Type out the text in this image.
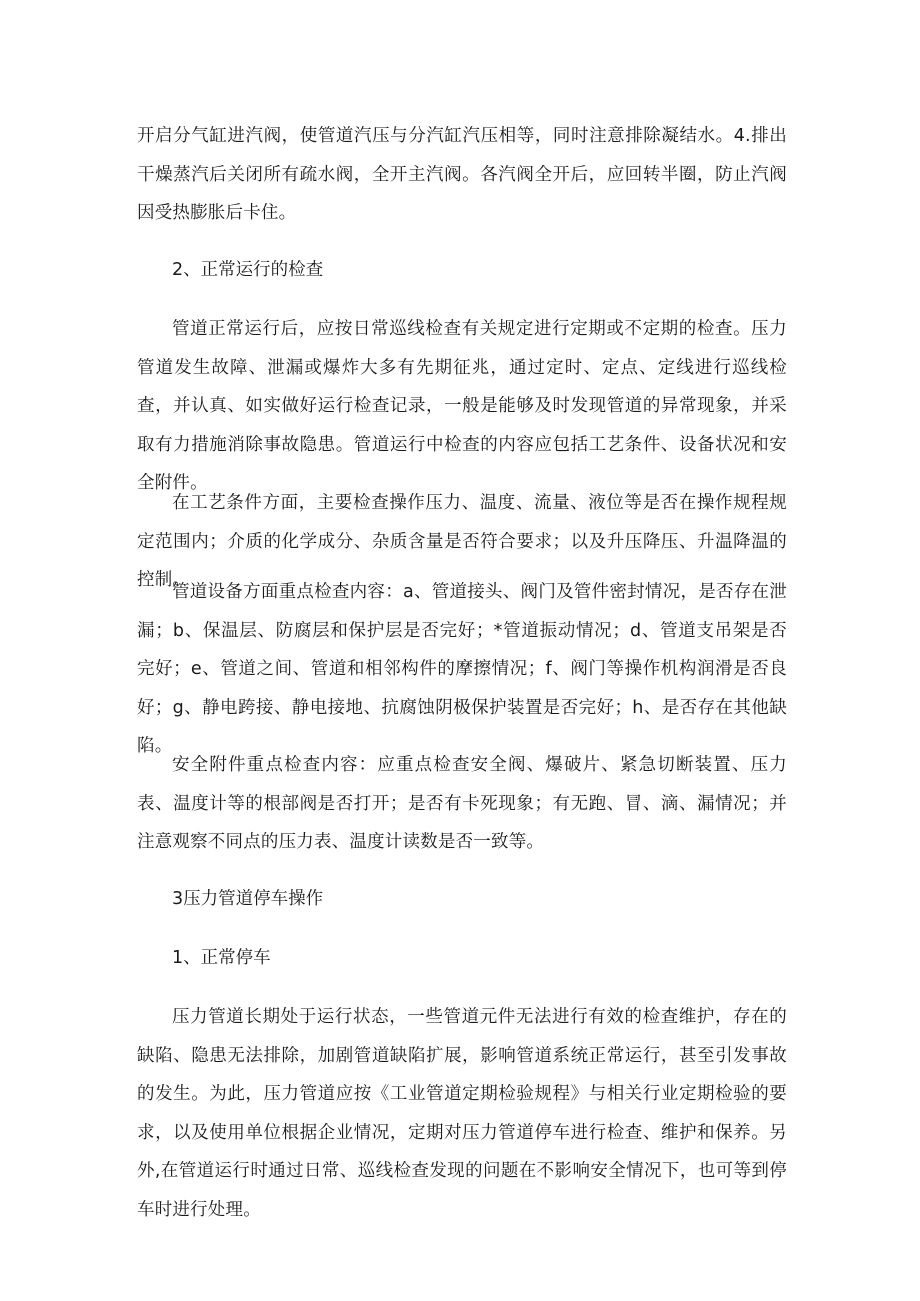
开启分气缸进汽阀，使管道汽压与分汽缸汽压相等，同时注意排除凝结水。4.排出干燥蒸汽后关闭所有疏水阀，全开主汽阀。各汽阀全开后，应回转半圈，防止汽阀因受热膨胀后卡住。

2、正常运行的检查

管道正常运行后，应按日常巡线检查有关规定进行定期或不定期的检查。压力管道发生故障、泄漏或爆炸大多有先期征兆，通过定时、定点、定线进行巡线检查，并认真、如实做好运行检查记录，一般是能够及时发现管道的异常现象，并采取有力措施消除事故隐患。管道运行中检查的内容应包括工艺条件、设备状况和安全附件。

在工艺条件方面，主要检查操作压力、温度、流量、液位等是否在操作规程规定范围内；介质的化学成分、杂质含量是否符合要求；以及升压降压、升温降温的控制。

管道设备方面重点检查内容：a、管道接头、阀门及管件密封情况，是否存在泄漏；b、保温层、防腐层和保护层是否完好；*管道振动情况；d、管道支吊架是否完好；e、管道之间、管道和相邻构件的摩擦情况；f、阀门等操作机构润滑是否良好；g、静电跨接、静电接地、抗腐蚀阴极保护装置是否完好；h、是否存在其他缺陷。

安全附件重点检查内容：应重点检查安全阀、爆破片、紧急切断装置、压力表、温度计等的根部阀是否打开；是否有卡死现象；有无跑、冒、滴、漏情况；并注意观察不同点的压力表、温度计读数是否一致等。

3压力管道停车操作

1、正常停车

压力管道长期处于运行状态，一些管道元件无法进行有效的检查维护，存在的缺陷、隐患无法排除，加剧管道缺陷扩展，影响管道系统正常运行，甚至引发事故的发生。为此，压力管道应按《工业管道定期检验规程》与相关行业定期检验的要求，以及使用单位根据企业情况，定期对压力管道停车进行检查、维护和保养。另外,在管道运行时通过日常、巡线检查发现的问题在不影响安全情况下，也可等到停车时进行处理。
